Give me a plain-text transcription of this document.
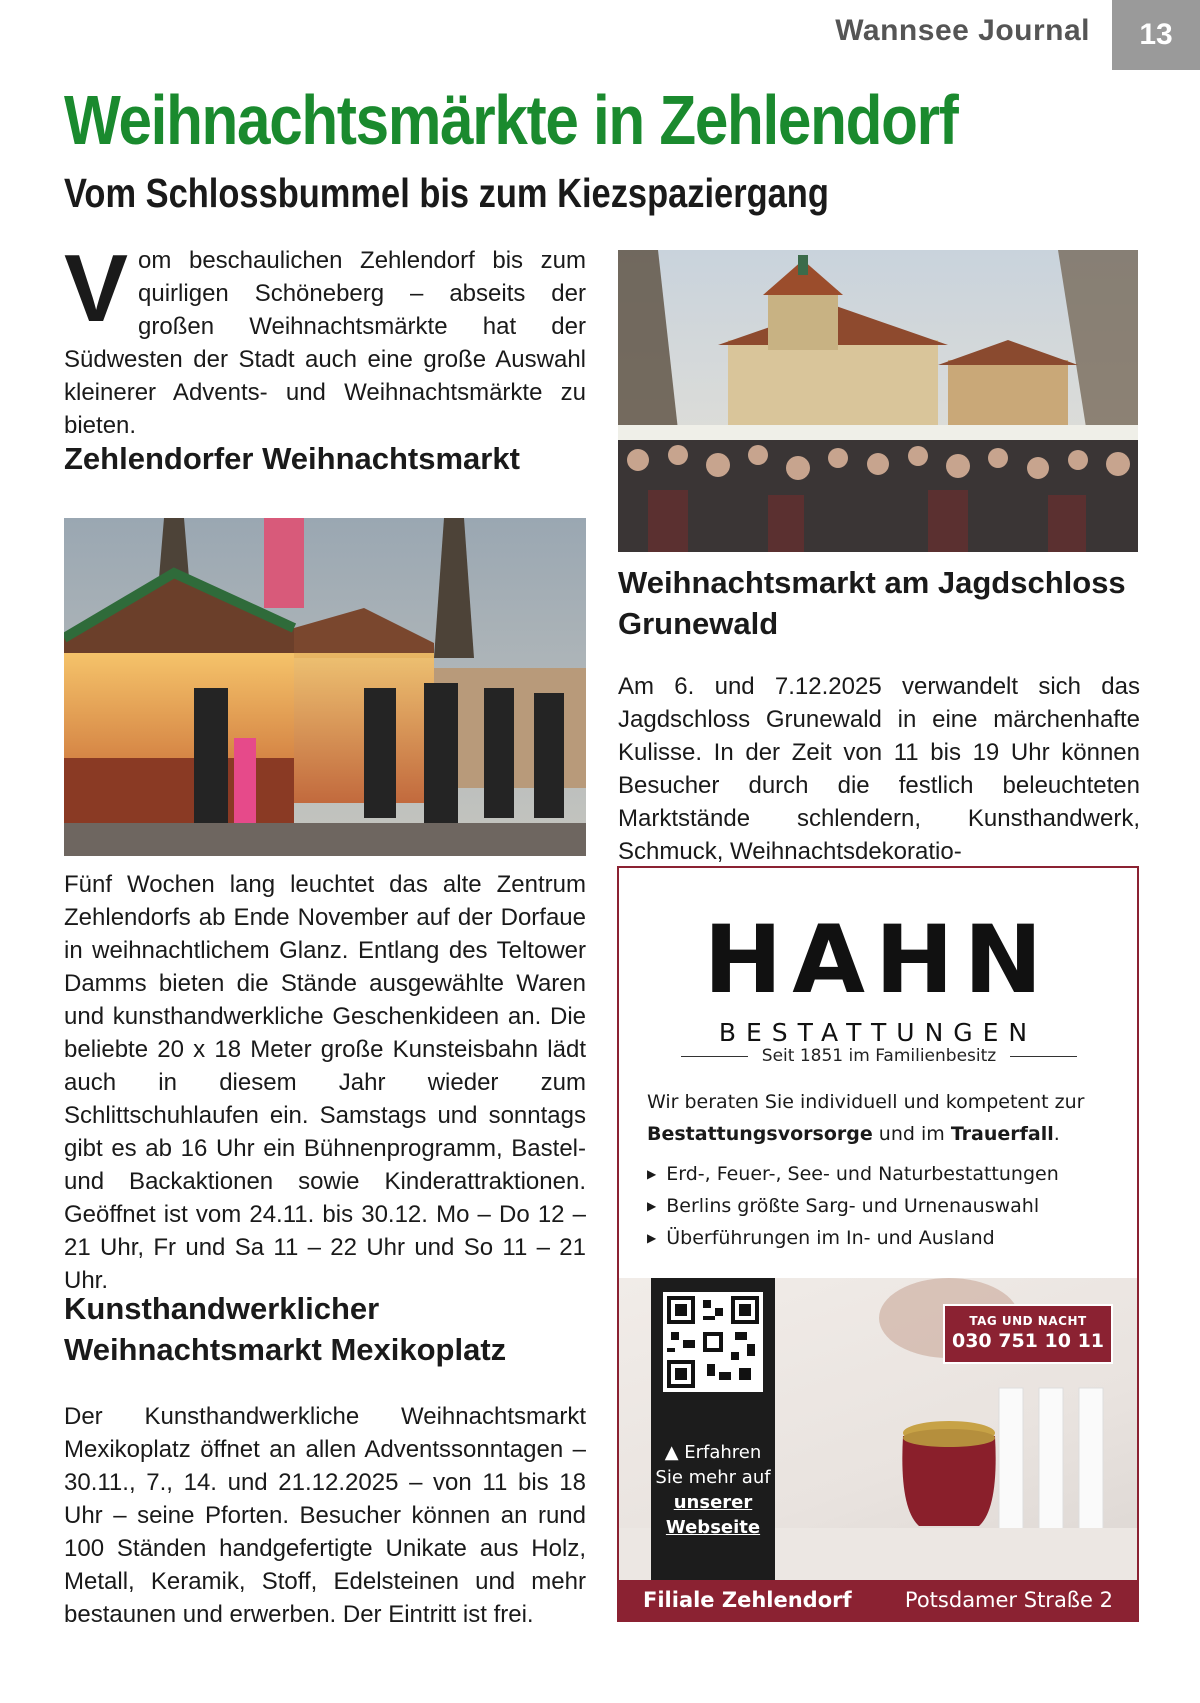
Wannsee Journal	13
Weihnachtsmärkte in Zehlendorf
Vom Schlossbummel bis zum Kiezspaziergang
Vom beschaulichen Zehlendorf bis zum quirligen Schöneberg – abseits der großen Weihnachtsmärkte hat der Südwesten der Stadt auch eine große Auswahl kleinerer Advents- und Weihnachtsmärkte zu bieten.
Zehlendorfer Weihnachtsmarkt
Fünf Wochen lang leuchtet das alte Zentrum Zehlendorfs ab Ende November auf der Dorfaue in weihnachtlichem Glanz. Entlang des Teltower Damms bieten die Stände ausgewählte Waren und kunsthandwerkliche Geschenkideen an. Die beliebte 20 x 18 Meter große Kunsteisbahn lädt auch in diesem Jahr wieder zum Schlittschuhlaufen ein. Samstags und sonntags gibt es ab 16 Uhr ein Bühnenprogramm, Bastel- und Backaktionen sowie Kinderattraktionen. Geöffnet ist vom 24.11. bis 30.12. Mo – Do 12 – 21 Uhr, Fr und Sa 11 – 22 Uhr und So 11 – 21 Uhr.
Kunsthandwerklicher Weihnachtsmarkt Mexikoplatz
Der Kunsthandwerkliche Weihnachtsmarkt Mexikoplatz öffnet an allen Adventssonntagen – 30.11., 7., 14. und 21.12.2025 – von 11 bis 18 Uhr – seine Pforten. Besucher können an rund 100 Ständen handgefertigte Unikate aus Holz, Metall, Keramik, Stoff, Edelsteinen und mehr bestaunen und erwerben. Der Eintritt ist frei.
Weihnachtsmarkt am Jagdschloss Grunewald
Am 6. und 7.12.2025 verwandelt sich das Jagdschloss Grunewald in eine märchenhafte Kulisse. In der Zeit von 11 bis 19 Uhr können Besucher durch die festlich beleuchteten Marktstände schlendern, Kunsthandwerk, Schmuck, Weihnachtsdekoratio-
HAHN
BESTATTUNGEN
Seit 1851 im Familienbesitz
Wir beraten Sie individuell und kompetent zur Bestattungsvorsorge und im Trauerfall.
▶ Erd-, Feuer-, See- und Naturbestattungen
▶ Berlins größte Sarg- und Urnenauswahl
▶ Überführungen im In- und Ausland
▲ Erfahren Sie mehr auf
unserer Webseite
TAG UND NACHT
030 751 10 11
Filiale Zehlendorf	Potsdamer Straße 2
